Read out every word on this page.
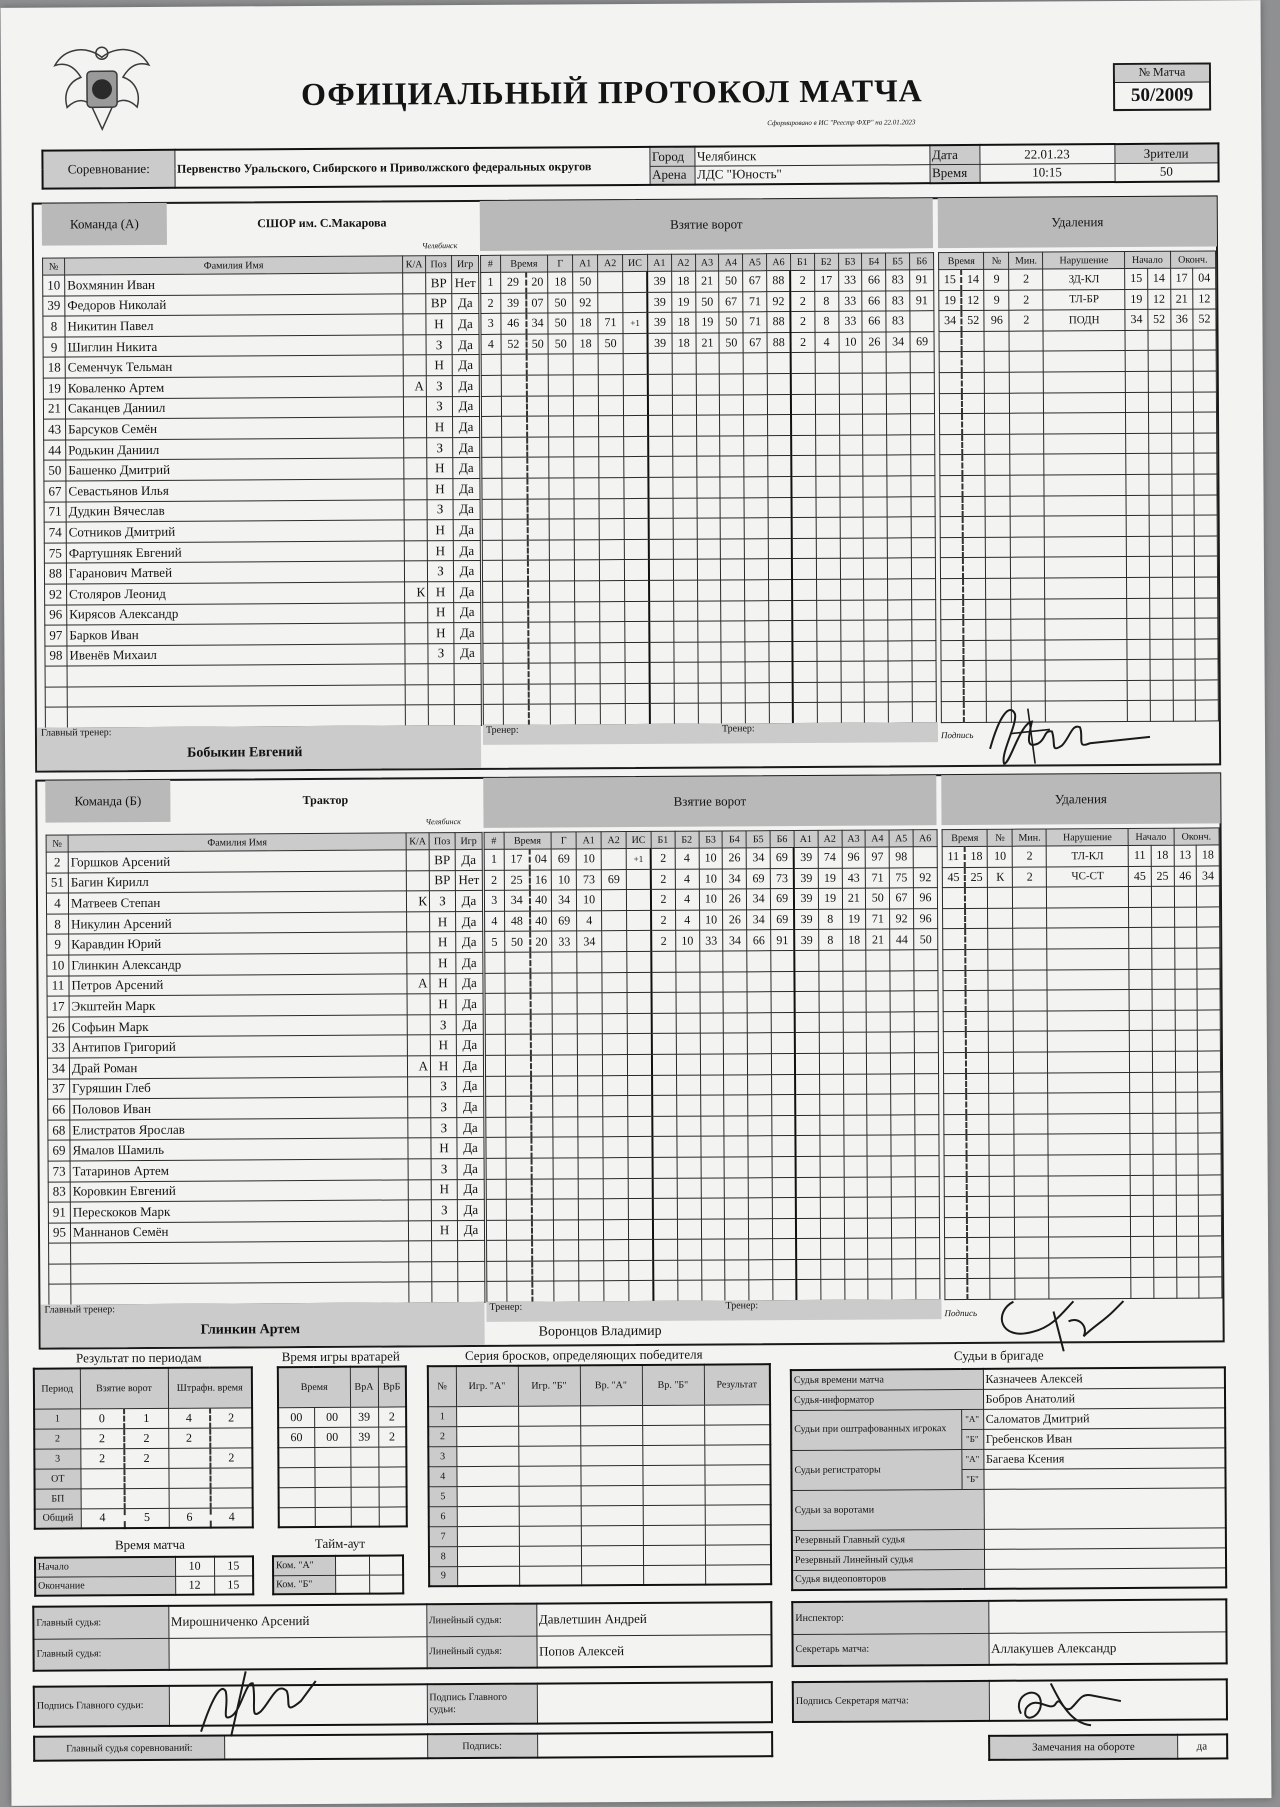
ОФИЦИАЛЬНЫЙ ПРОТОКОЛ МАТЧА
Сформировано в ИС "Реестр ФХР" на 22.01.2023
№ Матча
50/2009
Соревнование:	Первенство Уральского, Сибирского и Приволжского федеральных округов	Город	Челябинск	Дата	22.01.23	Зрители
		Арена	ЛДС "Юность"	Время	10:15	50
Команда (А)	СШОР им. С.Макарова
Челябинск
Взятие ворот	Удаления
№	Фамилия Имя	К/А	Поз	Игр
10	Вохмянин Иван		ВР	Нет
39	Федоров Николай		ВР	Да
8	Никитин Павел		Н	Да
9	Шиглин Никита		З	Да
18	Семенчук Тельман		Н	Да
19	Коваленко Артем	А	З	Да
21	Саканцев Даниил		З	Да
43	Барсуков Семён		Н	Да
44	Родькин Даниил		З	Да
50	Башенко Дмитрий		Н	Да
67	Севастьянов Илья		Н	Да
71	Дудкин Вячеслав		З	Да
74	Сотников Дмитрий		Н	Да
75	Фартушняк Евгений		Н	Да
88	Гаранович Матвей		З	Да
92	Столяров Леонид	К	Н	Да
96	Кирясов Александр		Н	Да
97	Барков Иван		Н	Да
98	Ивенёв Михаил		З	Да

#	Время		Г	А1	А2	ИС	А1	А2	А3	А4	А5	А6	Б1	Б2	Б3	Б4	Б5	Б6
1	29	20	18	50			39	18	21	50	67	88	2	17	33	66	83	91
2	39	07	50	92			39	19	50	67	71	92	2	8	33	66	83	91
3	46	34	50	18	71	+1	39	18	19	50	71	88	2	8	33	66	83	
4	52	50	50	18	50		39	18	21	50	67	88	2	4	10	26	34	69

Время		№	Мин.	Нарушение	Начало		Оконч.	
15	14	9	2	ЗД-КЛ	15	14	17	04
19	12	9	2	ТЛ-БР	19	12	21	12
34	52	96	2	ПОДН	34	52	36	52

Главный тренер:
Бобыкин Евгений
Тренер:	Тренер:
Подпись
Команда (Б)	Трактор
Челябинск
Взятие ворот	Удаления
№	Фамилия Имя	К/А	Поз	Игр
2	Горшков Арсений		ВР	Да
51	Багин Кирилл		ВР	Нет
4	Матвеев Степан	К	З	Да
8	Никулин Арсений		Н	Да
9	Каравдин Юрий		Н	Да
10	Глинкин Александр		Н	Да
11	Петров Арсений	А	Н	Да
17	Экштейн Марк		Н	Да
26	Софьин Марк		З	Да
33	Антипов Григорий		Н	Да
34	Драй Роман	А	Н	Да
37	Гуряшин Глеб		З	Да
66	Половов Иван		З	Да
68	Елистратов Ярослав		З	Да
69	Ямалов Шамиль		Н	Да
73	Татаринов Артем		З	Да
83	Коровкин Евгений		Н	Да
91	Перескоков Марк		З	Да
95	Маннанов Семён		Н	Да

#	Время		Г	А1	А2	ИС	Б1	Б2	Б3	Б4	Б5	Б6	А1	А2	А3	А4	А5	А6
1	17	04	69	10		+1	2	4	10	26	34	69	39	74	96	97	98	
2	25	16	10	73	69		2	4	10	34	69	73	39	19	43	71	75	92
3	34	40	34	10			2	4	10	26	34	69	39	19	21	50	67	96
4	48	40	69	4			2	4	10	26	34	69	39	8	19	71	92	96
5	50	20	33	34			2	10	33	34	66	91	39	8	18	21	44	50

Время		№	Мин.	Нарушение	Начало		Оконч.	
11	18	10	2	ТЛ-КЛ	11	18	13	18
45	25	К	2	ЧС-СТ	45	25	46	34

Главный тренер:
Глинкин Артем
Тренер:
Воронцов Владимир
Тренер:
Подпись
Результат по периодам
Период	Взятие ворот		Штрафн. время	
1	0	1	4	2
2	2	2	2	
3	2	2		2
ОТ				
БП				
Общий	4	5	6	4
Время игры вратарей
Время		ВрА	ВрБ
00	00	39	2
60	00	39	2

Время матча
Начало	10	15
Окончание	12	15
Тайм-аут
Ком. "А"		
Ком. "Б"		
Серия бросков, определяющих победителя
№	Игр. "А"	Игр. "Б"	Вр. "А"	Вр. "Б"	Результат
1					
2					
3					
4					
5					
6					
7					
8					
9					
Судьи в бригаде
Судья времени матча		Казначеев Алексей
Судья-информатор		Бобров Анатолий
Судьи при оштрафованных игроках	"А"	Саломатов Дмитрий
	"Б"	Гребенсков Иван
Судьи регистраторы	"А"	Багаева Ксения
	"Б"	
Судьи за воротами		
Резервный Главный судья		
Резервный Линейный судья		
Судья видеоповторов		
Главный судья:	Мирошниченко Арсений	Линейный судья:	Давлетшин Андрей
Главный судья:		Линейный судья:	Попов Алексей
Инспектор:	
Секретарь матча:	Аллакушев Александр
Подпись Главного судьи:		Подпись Главного судьи:	
Подпись Секретаря матча:	
Главный судья соревнований:		Подпись:		Замечания на обороте	да
